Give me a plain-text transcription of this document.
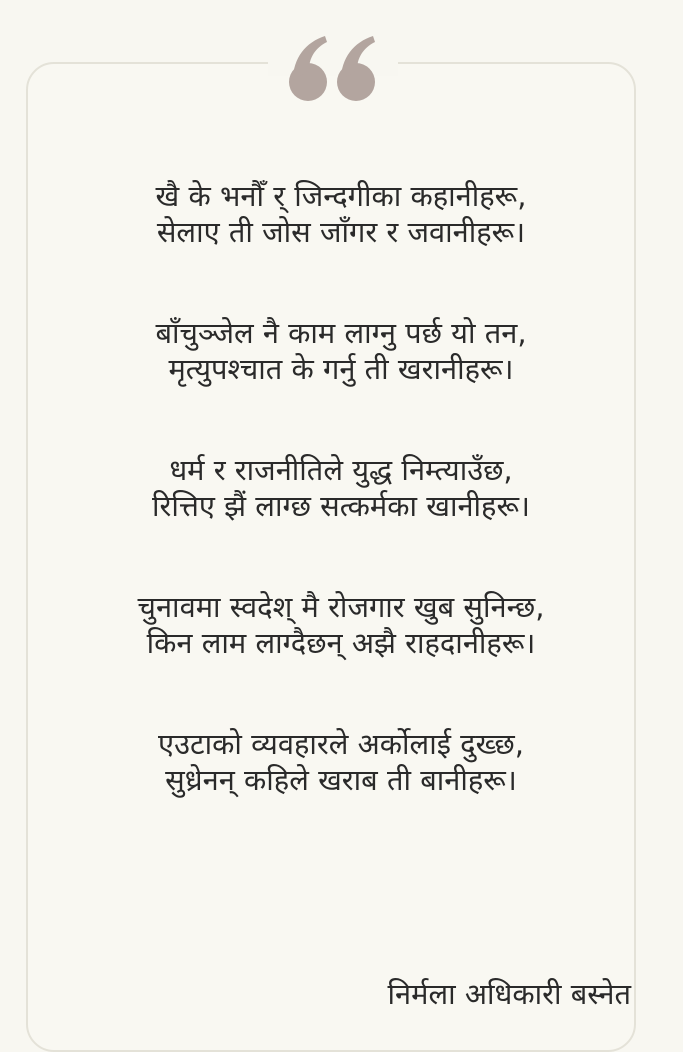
खै के भनौँ र् जिन्दगीका कहानीहरू,
सेलाए ती जोस जाँगर र जवानीहरू।
बाँचुञ्जेल नै काम लाग्नु पर्छ यो तन,
मृत्युपश्चात के गर्नु ती खरानीहरू।
धर्म र राजनीतिले युद्ध निम्त्याउँछ,
रित्तिए झैं लाग्छ सत्कर्मका खानीहरू।
चुनावमा स्वदेश् मै रोजगार खुब सुनिन्छ,
किन लाम लाग्दैछन् अझै राहदानीहरू।
एउटाको व्यवहारले अर्कोलाई दुख्छ,
सुध्रेनन् कहिले खराब ती बानीहरू।
निर्मला अधिकारी बस्नेत
